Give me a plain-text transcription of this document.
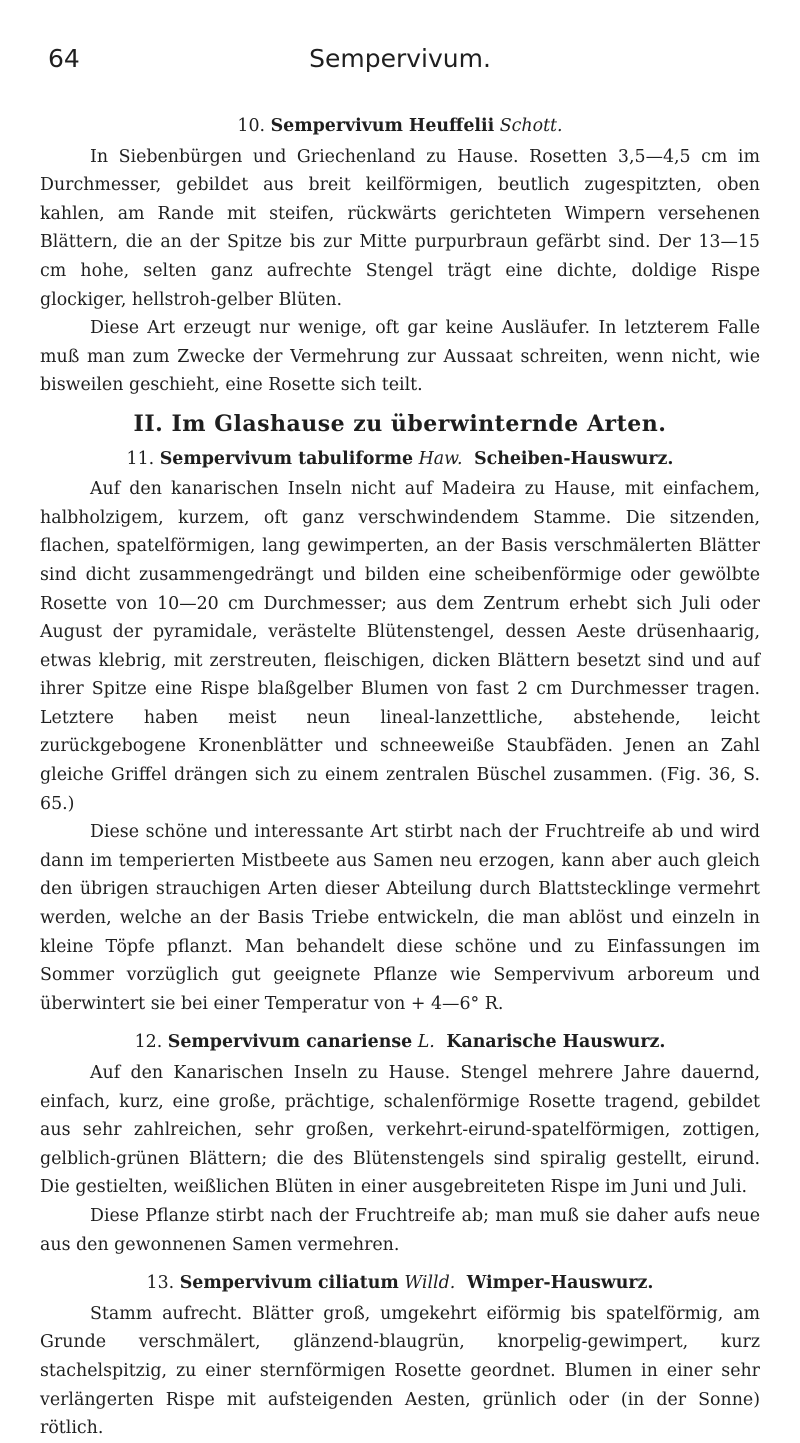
64	Sempervivum.
10. Sempervivum Heuffelii Schott.

In Siebenbürgen und Griechenland zu Hause. Rosetten 3,5—4,5 cm im Durchmesser, gebildet aus breit keilförmigen, beutlich zugespitzten, oben kahlen, am Rande mit steifen, rückwärts gerichteten Wimpern versehenen Blättern, die an der Spitze bis zur Mitte purpurbraun gefärbt sind. Der 13—15 cm hohe, selten ganz aufrechte Stengel trägt eine dichte, doldige Rispe glockiger, hellstroh-gelber Blüten.

Diese Art erzeugt nur wenige, oft gar keine Ausläufer. In letzterem Falle muß man zum Zwecke der Vermehrung zur Aussaat schreiten, wenn nicht, wie bisweilen geschieht, eine Rosette sich teilt.

II. Im Glashause zu überwinternde Arten.
11. Sempervivum tabuliforme Haw. Scheiben-Hauswurz.

Auf den kanarischen Inseln nicht auf Madeira zu Hause, mit einfachem, halbholzigem, kurzem, oft ganz verschwindendem Stamme. Die sitzenden, flachen, spatelförmigen, lang gewimperten, an der Basis verschmälerten Blätter sind dicht zusammengedrängt und bilden eine scheibenförmige oder gewölbte Rosette von 10—20 cm Durchmesser; aus dem Zentrum erhebt sich Juli oder August der pyramidale, verästelte Blütenstengel, dessen Aeste drüsenhaarig, etwas klebrig, mit zerstreuten, fleischigen, dicken Blättern besetzt sind und auf ihrer Spitze eine Rispe blaßgelber Blumen von fast 2 cm Durchmesser tragen. Letztere haben meist neun lineal-lanzettliche, abstehende, leicht zurückgebogene Kronenblätter und schneeweiße Staubfäden. Jenen an Zahl gleiche Griffel drängen sich zu einem zentralen Büschel zusammen. (Fig. 36, S. 65.)

Diese schöne und interessante Art stirbt nach der Fruchtreife ab und wird dann im temperierten Mistbeete aus Samen neu erzogen, kann aber auch gleich den übrigen strauchigen Arten dieser Abteilung durch Blattstecklinge vermehrt werden, welche an der Basis Triebe entwickeln, die man ablöst und einzeln in kleine Töpfe pflanzt. Man behandelt diese schöne und zu Einfassungen im Sommer vorzüglich gut geeignete Pflanze wie Sempervivum arboreum und überwintert sie bei einer Temperatur von + 4—6° R.

12. Sempervivum canariense L. Kanarische Hauswurz.

Auf den Kanarischen Inseln zu Hause. Stengel mehrere Jahre dauernd, einfach, kurz, eine große, prächtige, schalenförmige Rosette tragend, gebildet aus sehr zahlreichen, sehr großen, verkehrt-eirund-spatelförmigen, zottigen, gelblich-grünen Blättern; die des Blütenstengels sind spiralig gestellt, eirund. Die gestielten, weißlichen Blüten in einer ausgebreiteten Rispe im Juni und Juli.

Diese Pflanze stirbt nach der Fruchtreife ab; man muß sie daher aufs neue aus den gewonnenen Samen vermehren.

13. Sempervivum ciliatum Willd. Wimper-Hauswurz.

Stamm aufrecht. Blätter groß, umgekehrt eiförmig bis spatelförmig, am Grunde verschmälert, glänzend-blaugrün, knorpelig-gewimpert, kurz stachelspitzig, zu einer sternförmigen Rosette geordnet. Blumen in einer sehr verlängerten Rispe mit aufsteigenden Aesten, grünlich oder (in der Sonne) rötlich.
